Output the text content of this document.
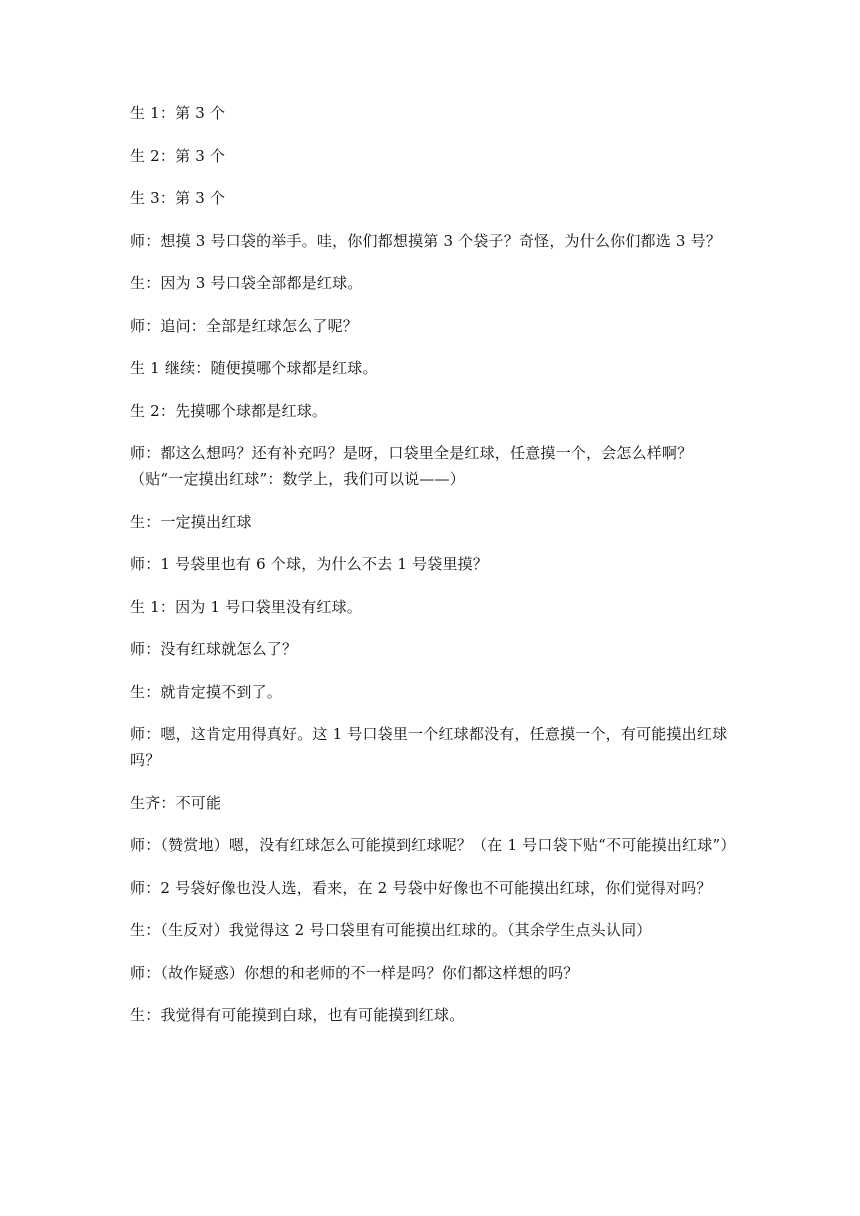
生 1：第 3 个

生 2：第 3 个

生 3：第 3 个

师：想摸 3 号口袋的举手。哇，你们都想摸第 3 个袋子？奇怪，为什么你们都选 3 号？

生：因为 3 号口袋全部都是红球。

师：追问：全部是红球怎么了呢？

生 1 继续：随便摸哪个球都是红球。

生 2：先摸哪个球都是红球。

师：都这么想吗？还有补充吗？是呀，口袋里全是红球，任意摸一个，会怎么样啊？（贴“一定摸出红球”：数学上，我们可以说——）

生：一定摸出红球

师：1 号袋里也有 6 个球，为什么不去 1 号袋里摸？

生 1：因为 1 号口袋里没有红球。

师：没有红球就怎么了？

生：就肯定摸不到了。

师：嗯，这肯定用得真好。这 1 号口袋里一个红球都没有，任意摸一个，有可能摸出红球吗？

生齐：不可能

师：（赞赏地）嗯，没有红球怎么可能摸到红球呢？（在 1 号口袋下贴“不可能摸出红球”）

师：2 号袋好像也没人选，看来，在 2 号袋中好像也不可能摸出红球，你们觉得对吗？

生：（生反对）我觉得这 2 号口袋里有可能摸出红球的。（其余学生点头认同）

师：（故作疑惑）你想的和老师的不一样是吗？你们都这样想的吗？

生：我觉得有可能摸到白球，也有可能摸到红球。
